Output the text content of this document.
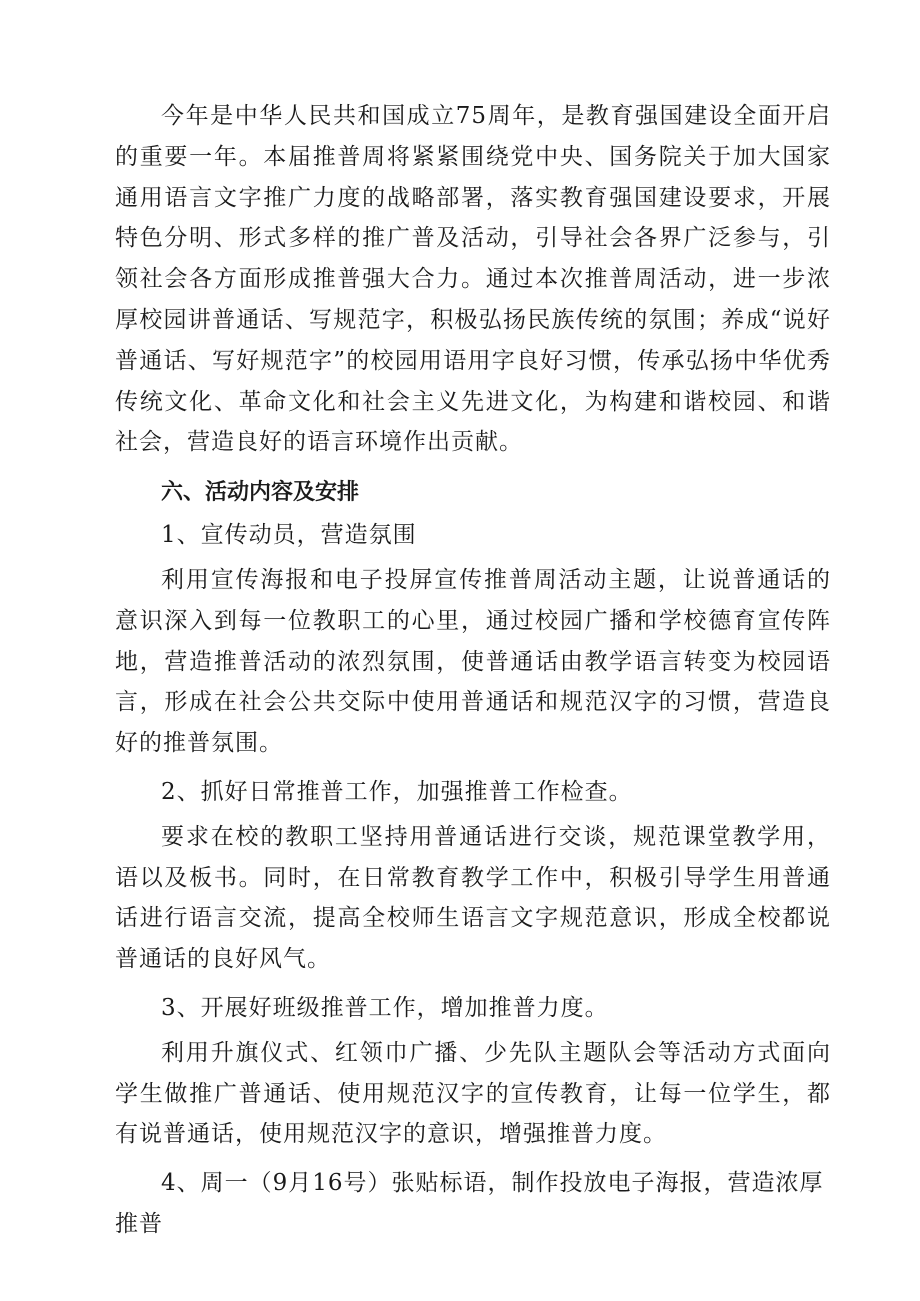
今年是中华人民共和国成立75周年，是教育强国建设全面开启的重要一年。本届推普周将紧紧围绕党中央、国务院关于加大国家通用语言文字推广力度的战略部署，落实教育强国建设要求，开展特色分明、形式多样的推广普及活动，引导社会各界广泛参与，引领社会各方面形成推普强大合力。通过本次推普周活动，进一步浓厚校园讲普通话、写规范字，积极弘扬民族传统的氛围；养成“说好普通话、写好规范字”的校园用语用字良好习惯，传承弘扬中华优秀传统文化、革命文化和社会主义先进文化，为构建和谐校园、和谐社会，营造良好的语言环境作出贡献。

六、活动内容及安排

1、宣传动员，营造氛围

利用宣传海报和电子投屏宣传推普周活动主题，让说普通话的意识深入到每一位教职工的心里，通过校园广播和学校德育宣传阵地，营造推普活动的浓烈氛围，使普通话由教学语言转变为校园语言，形成在社会公共交际中使用普通话和规范汉字的习惯，营造良好的推普氛围。

2、抓好日常推普工作，加强推普工作检查。

要求在校的教职工坚持用普通话进行交谈，规范课堂教学用，语以及板书。同时，在日常教育教学工作中，积极引导学生用普通话进行语言交流，提高全校师生语言文字规范意识，形成全校都说普通话的良好风气。

3、开展好班级推普工作，增加推普力度。

利用升旗仪式、红领巾广播、少先队主题队会等活动方式面向学生做推广普通话、使用规范汉字的宣传教育，让每一位学生，都有说普通话，使用规范汉字的意识，增强推普力度。

4、周一（9月16号）张贴标语，制作投放电子海报，营造浓厚推普
